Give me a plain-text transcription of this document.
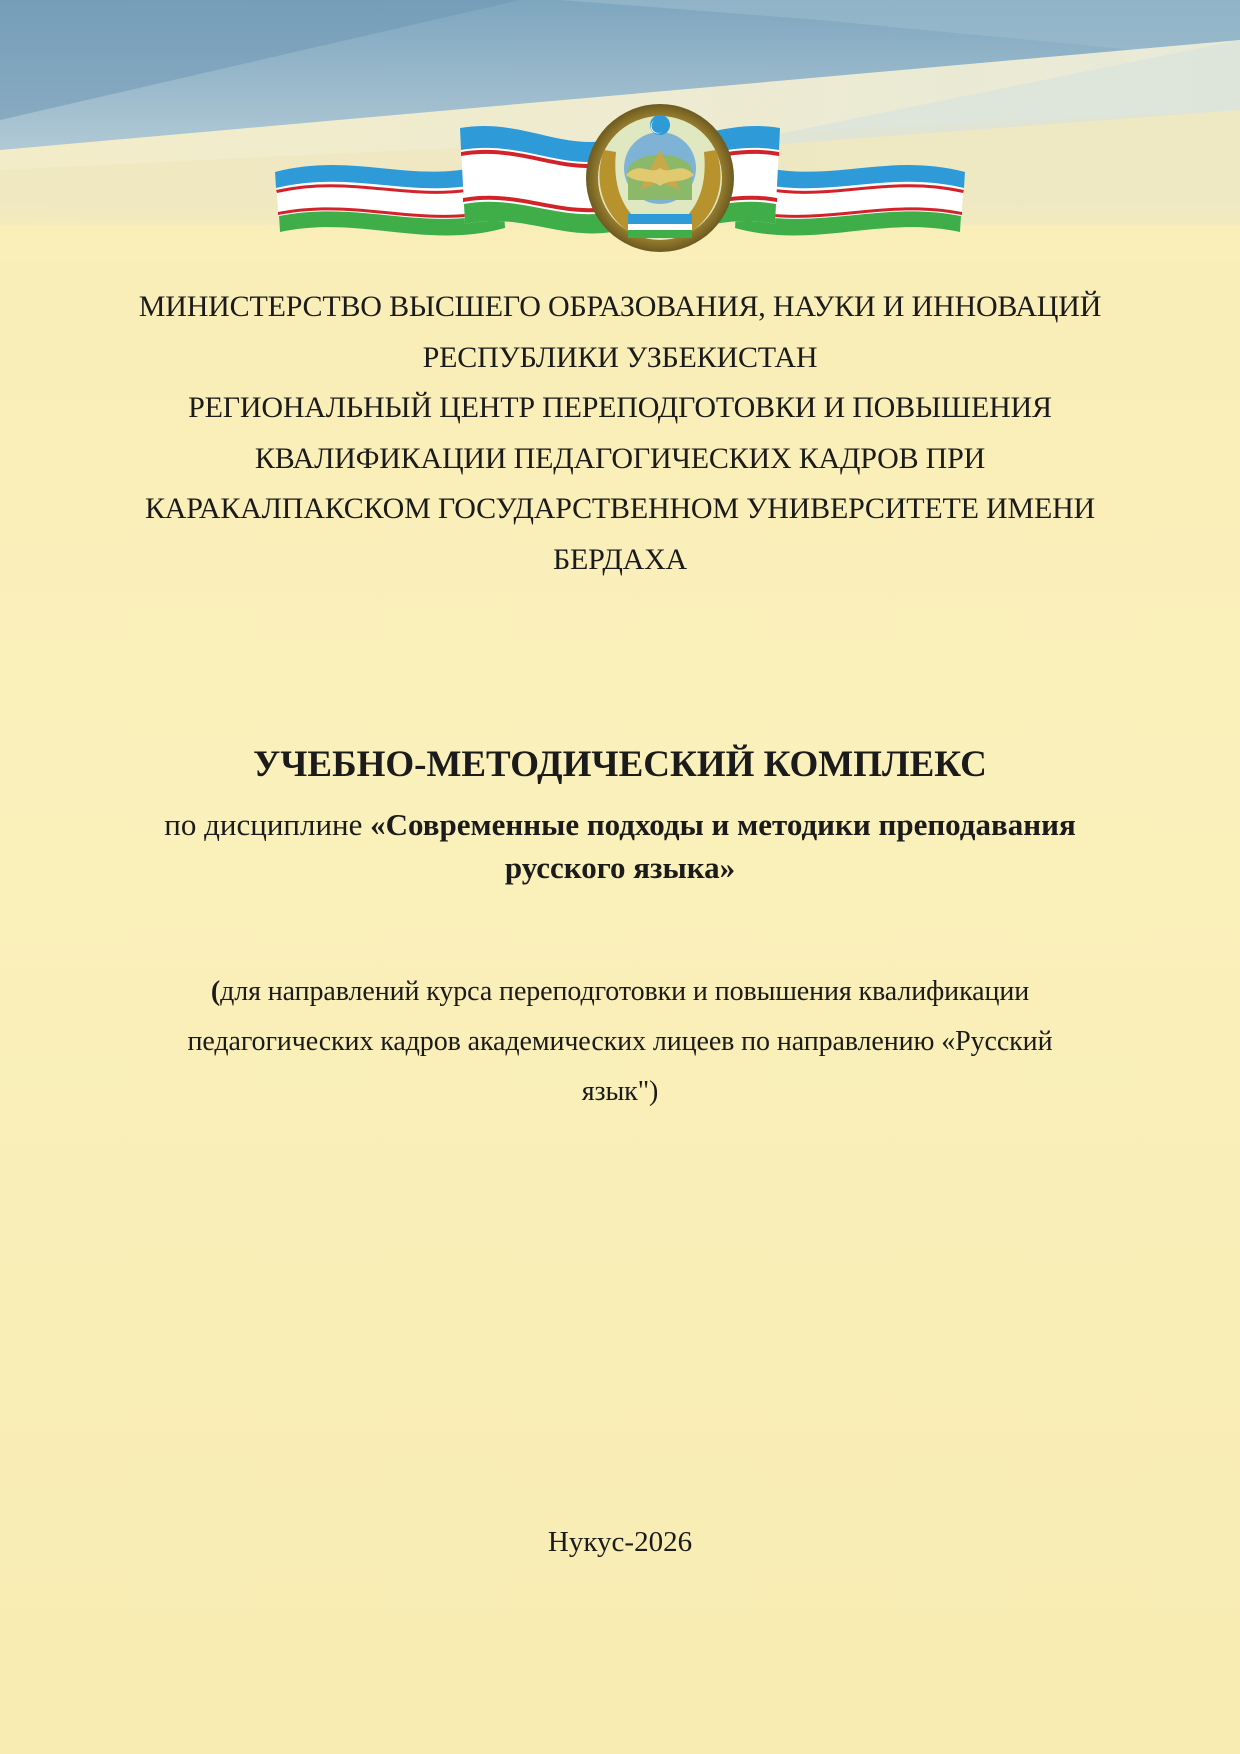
МИНИСТЕРСТВО ВЫСШЕГО ОБРАЗОВАНИЯ, НАУКИ И ИННОВАЦИЙ
РЕСПУБЛИКИ УЗБЕКИСТАН
РЕГИОНАЛЬНЫЙ ЦЕНТР ПЕРЕПОДГОТОВКИ И ПОВЫШЕНИЯ
КВАЛИФИКАЦИИ ПЕДАГОГИЧЕСКИХ КАДРОВ ПРИ
КАРАКАЛПАКСКОМ ГОСУДАРСТВЕННОМ УНИВЕРСИТЕТЕ ИМЕНИ
БЕРДАХА
УЧЕБНО-МЕТОДИЧЕСКИЙ КОМПЛЕКС
по дисциплине «Современные подходы и методики преподавания
русского языка»
(для направлений курса переподготовки и повышения квалификации
педагогических кадров академических лицеев по направлению «Русский
язык")
Нукус-2026
